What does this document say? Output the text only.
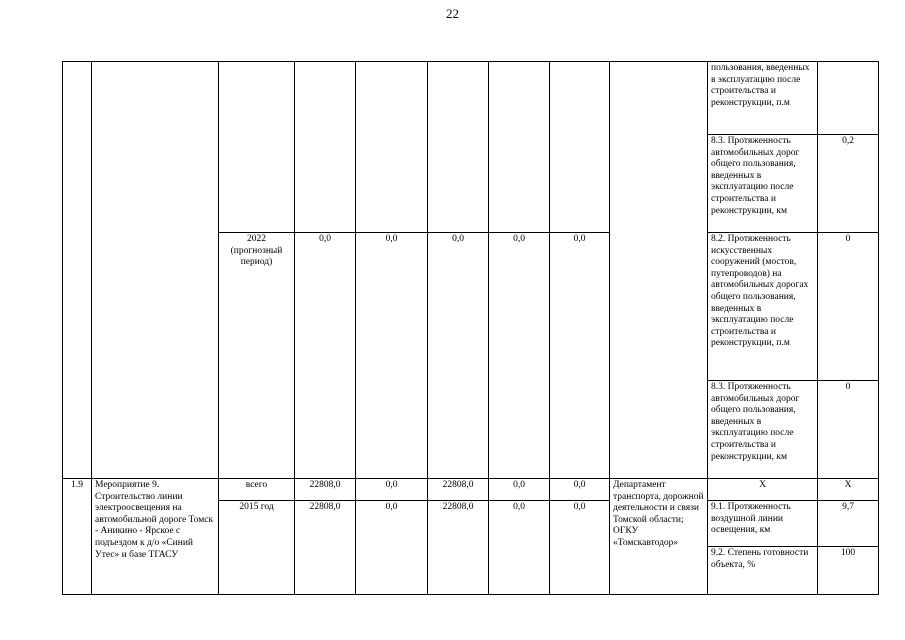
22
									пользования, введенных в эксплуатацию после строительства и реконструкции, п.м	
									8.3. Протяженность автомобильных дорог общего пользования, введенных в эксплуатацию после строительства и реконструкции, км	0,2
		2022 (прогнозный период)	0,0	0,0	0,0	0,0	0,0		8.2. Протяженность искусственных сооружений (мостов, путепроводов) на автомобильных дорогах общего пользования, введенных в эксплуатацию после строительства и реконструкции, п.м	0
									8.3. Протяженность автомобильных дорог общего пользования, введенных в эксплуатацию после строительства и реконструкции, км	0
1.9	Мероприятие 9. Строительство линии электроосвещения на автомобильной дороге Томск - Аникино - Ярское с подъездом к д/о «Синий Утес» и базе ТГАСУ	всего	22808,0	0,0	22808,0	0,0	0,0	Департамент транспорта, дорожной деятельности и связи Томской области; ОГКУ «Томскавтодор»	Х	Х
		2015 год	22808,0	0,0	22808,0	0,0	0,0		9.1. Протяженность воздушной линии освещения, км	9,7
									9.2. Степень готовности объекта, %	100
